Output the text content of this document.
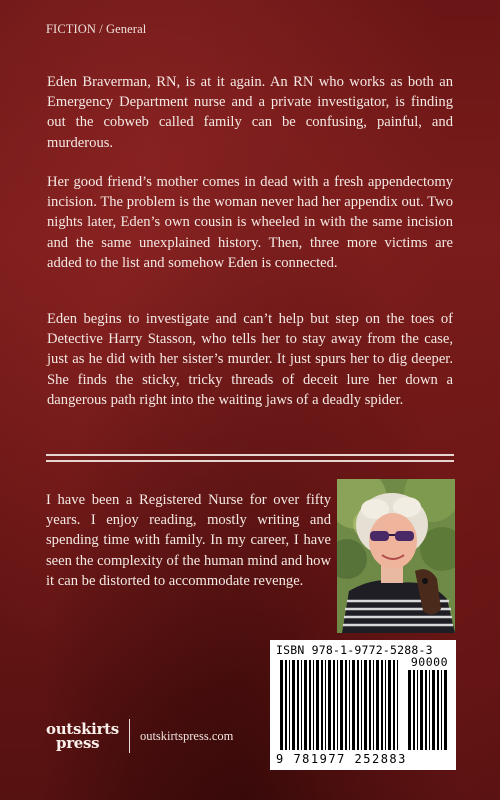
FICTION / General

Eden Braverman, RN, is at it again. An RN who works as both an Emergency Department nurse and a private investigator, is finding out the cobweb called family can be confusing, painful, and murderous.

Her good friend’s mother comes in dead with a fresh appendectomy incision. The problem is the woman never had her appendix out. Two nights later, Eden’s own cousin is wheeled in with the same incision and the same unexplained history. Then, three more victims are added to the list and somehow Eden is connected.

Eden begins to investigate and can’t help but step on the toes of Detective Harry Stasson, who tells her to stay away from the case, just as he did with her sister’s murder. It just spurs her to dig deeper. She finds the sticky, tricky threads of deceit lure her down a dangerous path right into the waiting jaws of a deadly spider.

I have been a Registered Nurse for over fifty years. I enjoy reading, mostly writing and spending time with family. In my career, I have seen the complexity of the human mind and how it can be distorted to accommodate revenge.

ISBN 978-1-9772-5288-3
90000
9 781977 252883
outskirts
press	outskirtspress.com
